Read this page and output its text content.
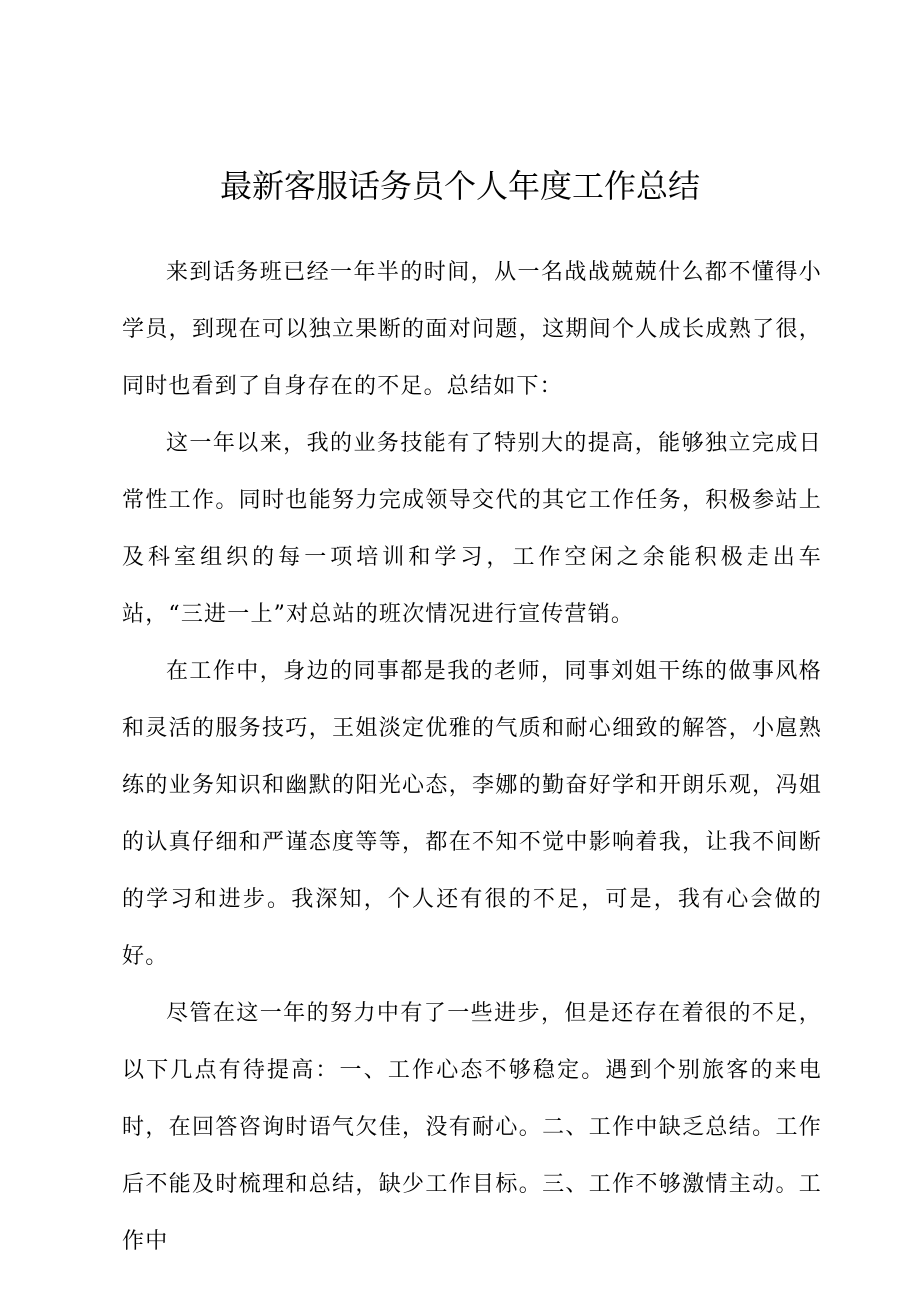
最新客服话务员个人年度工作总结

来到话务班已经一年半的时间，从一名战战兢兢什么都不懂得小学员，到现在可以独立果断的面对问题，这期间个人成长成熟了很，同时也看到了自身存在的不足。总结如下：

这一年以来，我的业务技能有了特别大的提高，能够独立完成日常性工作。同时也能努力完成领导交代的其它工作任务，积极参站上及科室组织的每一项培训和学习，工作空闲之余能积极走出车站，“三进一上”对总站的班次情况进行宣传营销。

在工作中，身边的同事都是我的老师，同事刘姐干练的做事风格和灵活的服务技巧，王姐淡定优雅的气质和耐心细致的解答，小扈熟练的业务知识和幽默的阳光心态，李娜的勤奋好学和开朗乐观，冯姐的认真仔细和严谨态度等等，都在不知不觉中影响着我，让我不间断的学习和进步。我深知，个人还有很的不足，可是，我有心会做的好。

尽管在这一年的努力中有了一些进步，但是还存在着很的不足，以下几点有待提高：一、工作心态不够稳定。遇到个别旅客的来电时，在回答咨询时语气欠佳，没有耐心。二、工作中缺乏总结。工作后不能及时梳理和总结，缺少工作目标。三、工作不够激情主动。工作中
